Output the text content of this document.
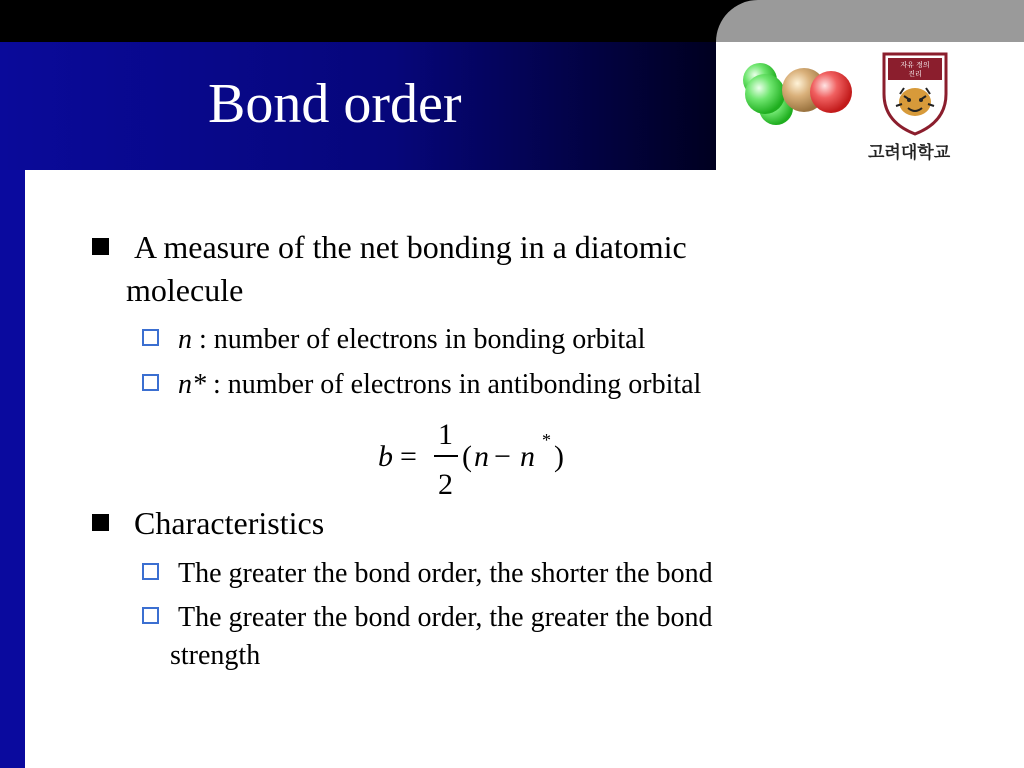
자유 정의
진리
고려대학교
Bond order
A measure of the net bonding in a diatomic
molecule
n : number of electrons in bonding orbital
n* : number of electrons in antibonding orbital
b =
1
2
( n − n * )
Characteristics
The greater the bond order, the shorter the bond
The greater the bond order, the greater the bond
strength
